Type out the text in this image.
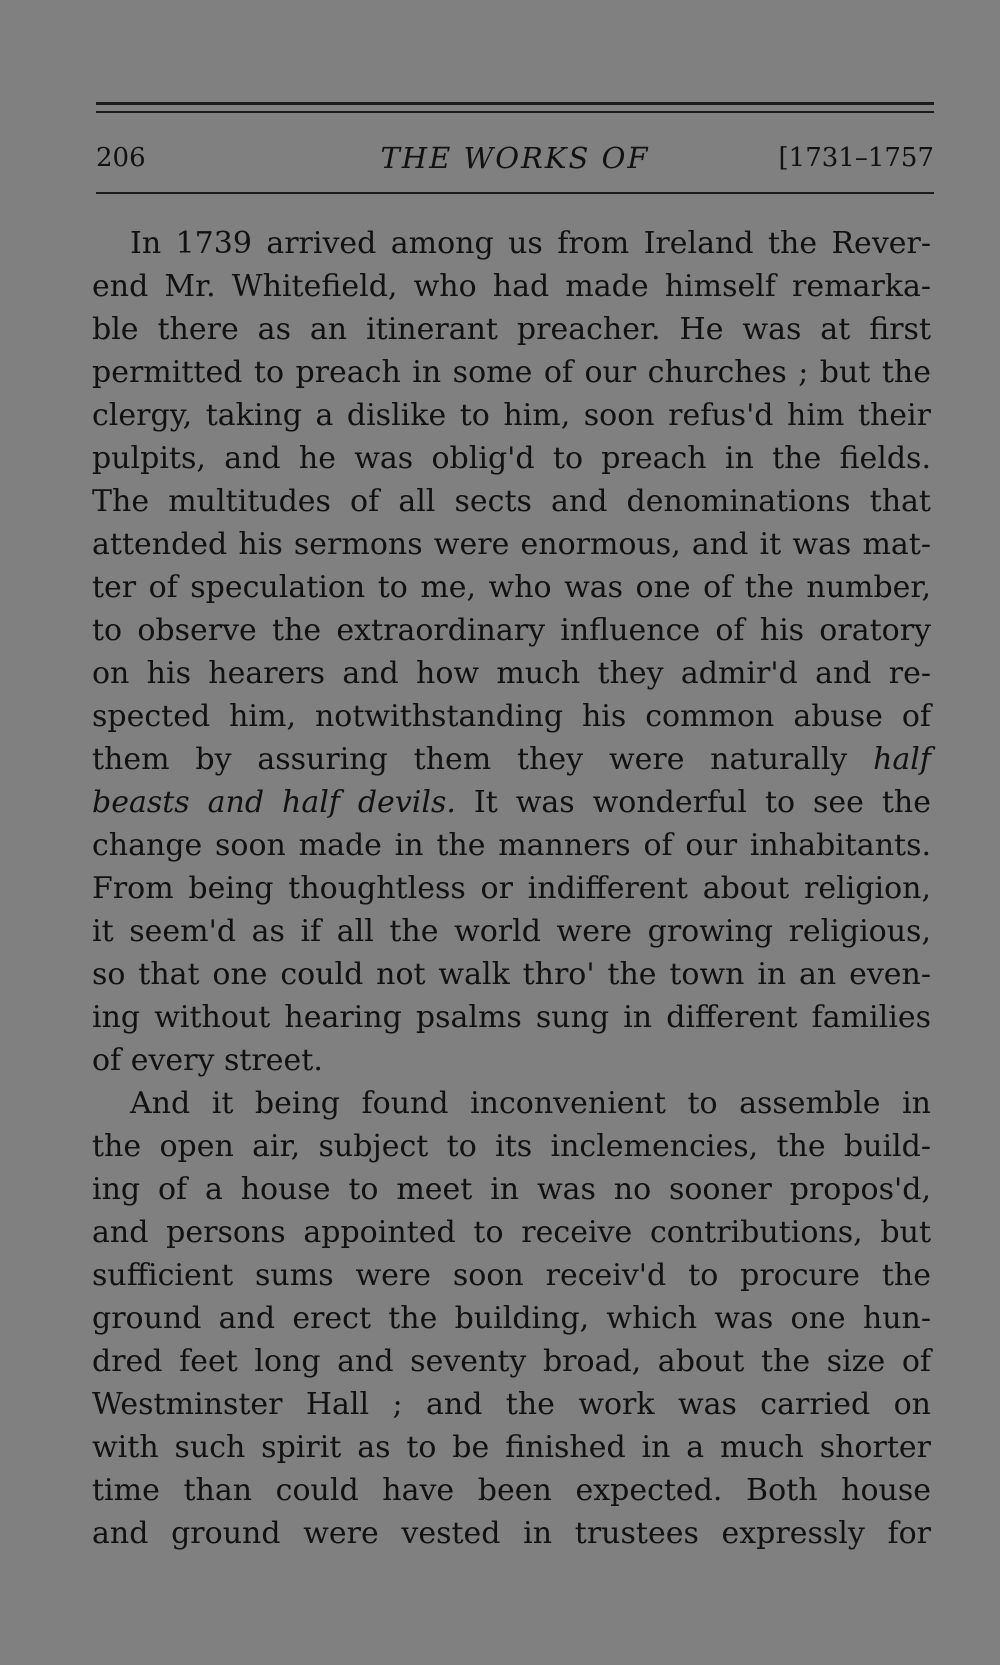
206	THE WORKS OF	[1731–1757
In 1739 arrived among us from Ireland the Rever-
end Mr. Whitefield, who had made himself remarka-
ble there as an itinerant preacher. He was at first
permitted to preach in some of our churches ; but the
clergy, taking a dislike to him, soon refus'd him their
pulpits, and he was oblig'd to preach in the fields.
The multitudes of all sects and denominations that
attended his sermons were enormous, and it was mat-
ter of speculation to me, who was one of the number,
to observe the extraordinary influence of his oratory
on his hearers and how much they admir'd and re-
spected him, notwithstanding his common abuse of
them by assuring them they were naturally half
beasts and half devils. It was wonderful to see the
change soon made in the manners of our inhabitants.
From being thoughtless or indifferent about religion,
it seem'd as if all the world were growing religious,
so that one could not walk thro' the town in an even-
ing without hearing psalms sung in different families
of every street.
And it being found inconvenient to assemble in
the open air, subject to its inclemencies, the build-
ing of a house to meet in was no sooner propos'd,
and persons appointed to receive contributions, but
sufficient sums were soon receiv'd to procure the
ground and erect the building, which was one hun-
dred feet long and seventy broad, about the size of
Westminster Hall ; and the work was carried on
with such spirit as to be finished in a much shorter
time than could have been expected. Both house
and ground were vested in trustees expressly for
